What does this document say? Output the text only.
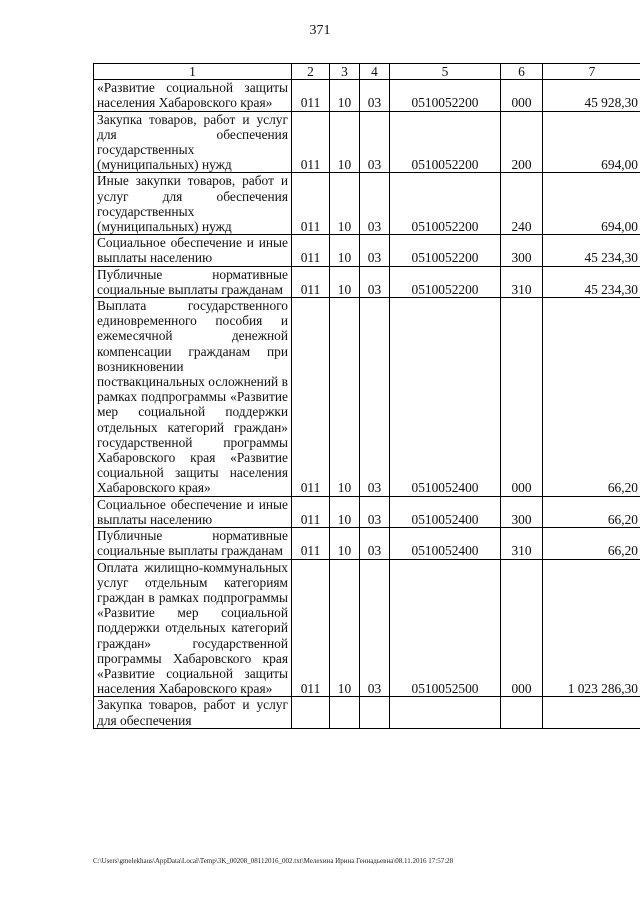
371
1	2	3	4	5	6	7
«Развитие социальной защиты населения Хабаровского края»	011	10	03	0510052200	000	45 928,30
Закупка товаров, работ и услуг для обеспечения государственных (муниципальных) нужд	011	10	03	0510052200	200	694,00
Иные закупки товаров, работ и услуг для обеспечения государственных (муниципальных) нужд	011	10	03	0510052200	240	694,00
Социальное обеспечение и иные выплаты населению	011	10	03	0510052200	300	45 234,30
Публичные нормативные социальные выплаты гражданам	011	10	03	0510052200	310	45 234,30
Выплата государственного единовременного пособия и ежемесячной денежной компенсации гражданам при возникновении поствакцинальных осложнений в рамках подпрограммы «Развитие мер социальной поддержки отдельных категорий граждан» государственной программы Хабаровского края «Развитие социальной защиты населения Хабаровского края»	011	10	03	0510052400	000	66,20
Социальное обеспечение и иные выплаты населению	011	10	03	0510052400	300	66,20
Публичные нормативные социальные выплаты гражданам	011	10	03	0510052400	310	66,20
Оплата жилищно-коммунальных услуг отдельным категориям граждан в рамках подпрограммы «Развитие мер социальной поддержки отдельных категорий граждан» государственной программы Хабаровского края «Развитие социальной защиты населения Хабаровского края»	011	10	03	0510052500	000	1 023 286,30
Закупка товаров, работ и услуг для обеспечения						
C:\Users\gmelekhaus\AppData\Local\Temp\3K_00208_08112016_002.txt\Мелехина Ирина Геннадьевна\08.11.2016 17:57:28
